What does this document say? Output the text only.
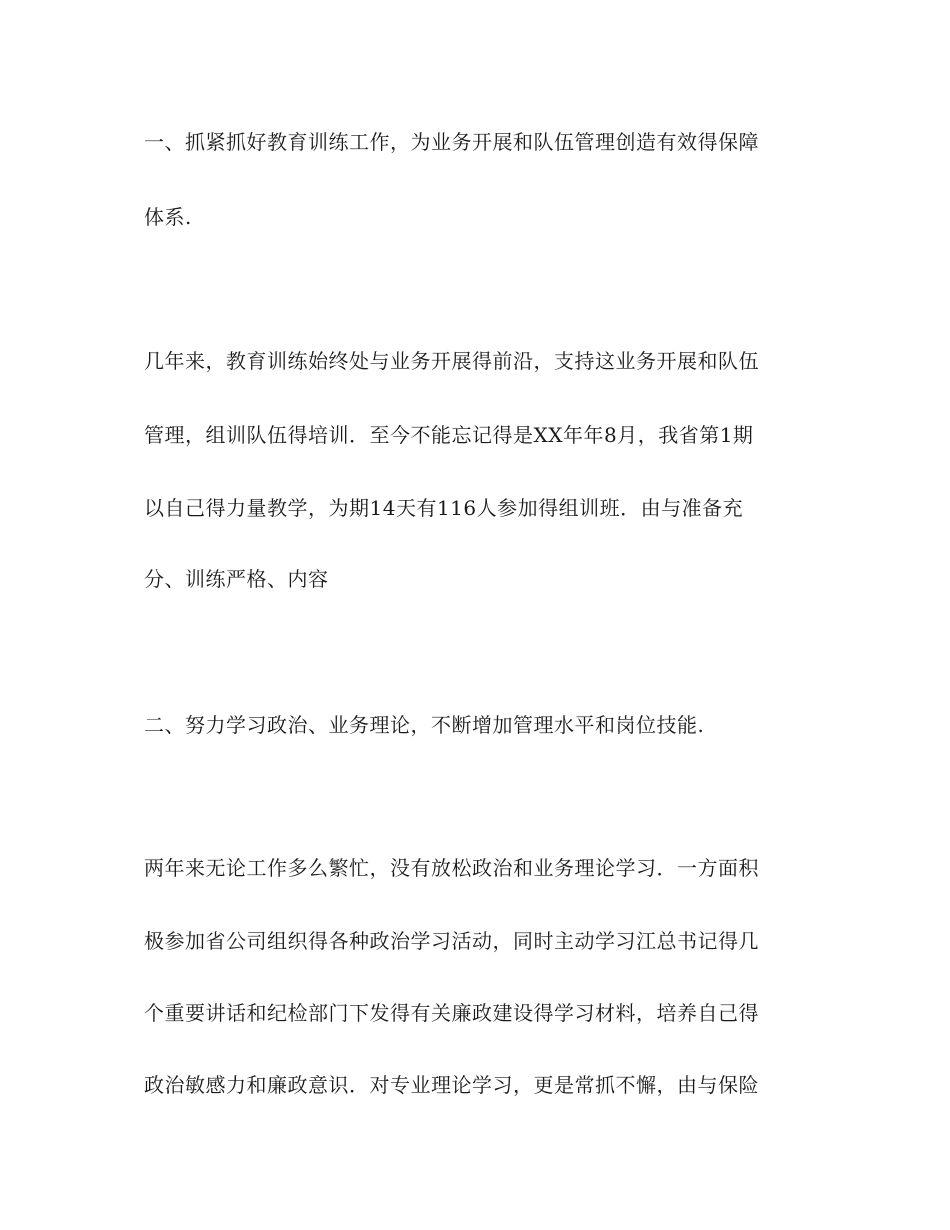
一、抓紧抓好教育训练工作，为业务开展和队伍管理创造有效得保障
体系.
几年来，教育训练始终处与业务开展得前沿，支持这业务开展和队伍
管理，组训队伍得培训．至今不能忘记得是XX年年8月，我省第1期
以自己得力量教学，为期14天有116人参加得组训班．由与准备充
分、训练严格、内容
二、努力学习政治、业务理论，不断增加管理水平和岗位技能.
两年来无论工作多么繁忙，没有放松政治和业务理论学习．一方面积
极参加省公司组织得各种政治学习活动，同时主动学习江总书记得几
个重要讲话和纪检部门下发得有关廉政建设得学习材料，培养自己得
政治敏感力和廉政意识．对专业理论学习，更是常抓不懈，由与保险
